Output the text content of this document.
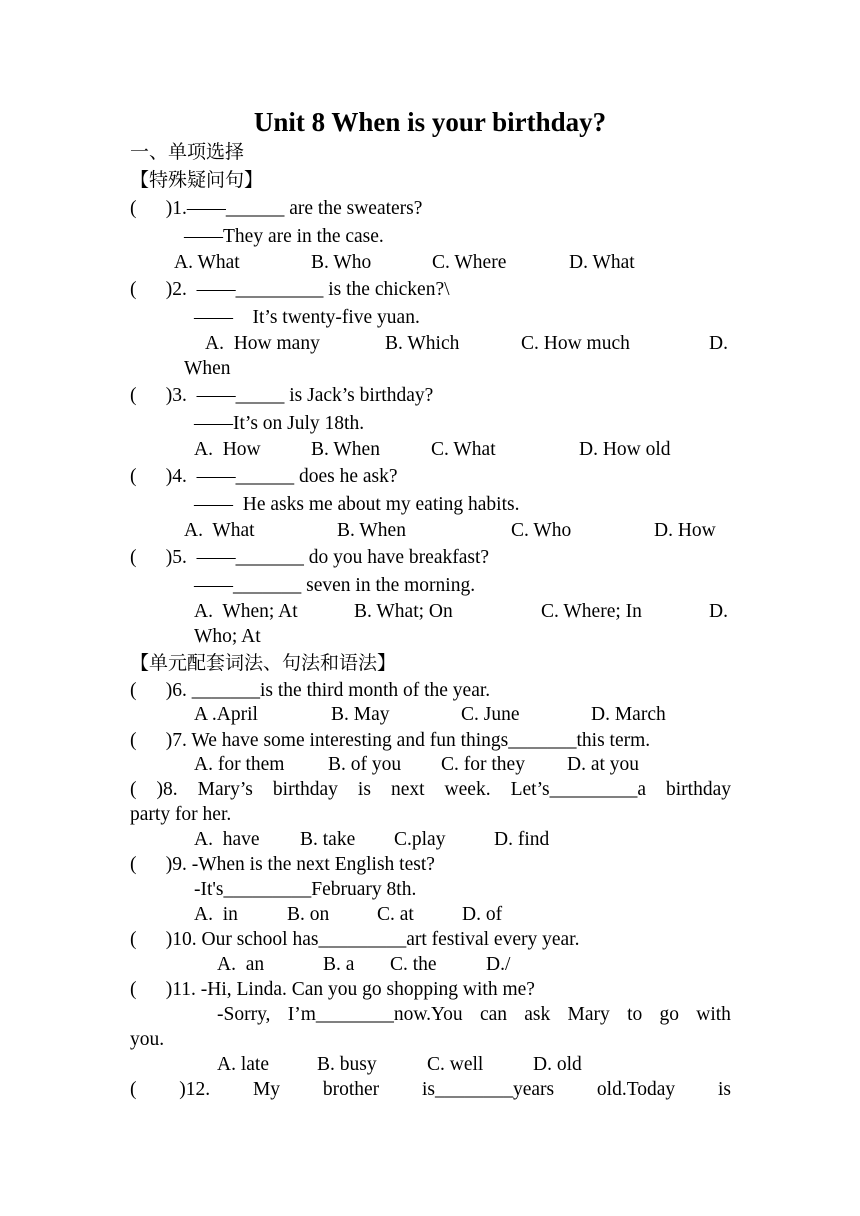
Unit 8 When is your birthday?
一、单项选择
【特殊疑问句】
(      )1.——______ are the sweaters?
——They are in the case.
A. What	B. Who	C. Where	D. What
(      )2.  ——_________ is the chicken?\
——    It’s twenty-five yuan.
A.  How many	B. Which	C. How much	D.
When
(      )3.  ——_____ is Jack’s birthday?
——It’s on July 18th.
A.  How	B. When	C. What	D. How old
(      )4.  ——______ does he ask?
——  He asks me about my eating habits.
A.  What	B. When	C. Who	D. How
(      )5.  ——_______ do you have breakfast?
——_______ seven in the morning.
A.  When; At	B. What; On	C. Where; In	D.
Who; At
【单元配套词法、句法和语法】
(      )6. _______is the third month of the year.
A .April	B. May	C. June	D. March
(      )7. We have some interesting and fun things_______this term.
A. for them B. of you C. for they D. at you
( )8. Mary’s birthday is next week. Let’s_________a birthday
party for her.
A.  have B. take C.play D. find
(      )9. -When is the next English test?
-It's_________February 8th.
A.  in	B. on C. at D. of
(      )10. Our school has_________art festival every year.
A.  an	B. a C. the	D./
(      )11. -Hi, Linda. Can you go shopping with me?
-Sorry, I’m________now.You can ask Mary to go with
you.
A. late B. busy	C. well	D. old
( )12. My brother is________years old.Today is
